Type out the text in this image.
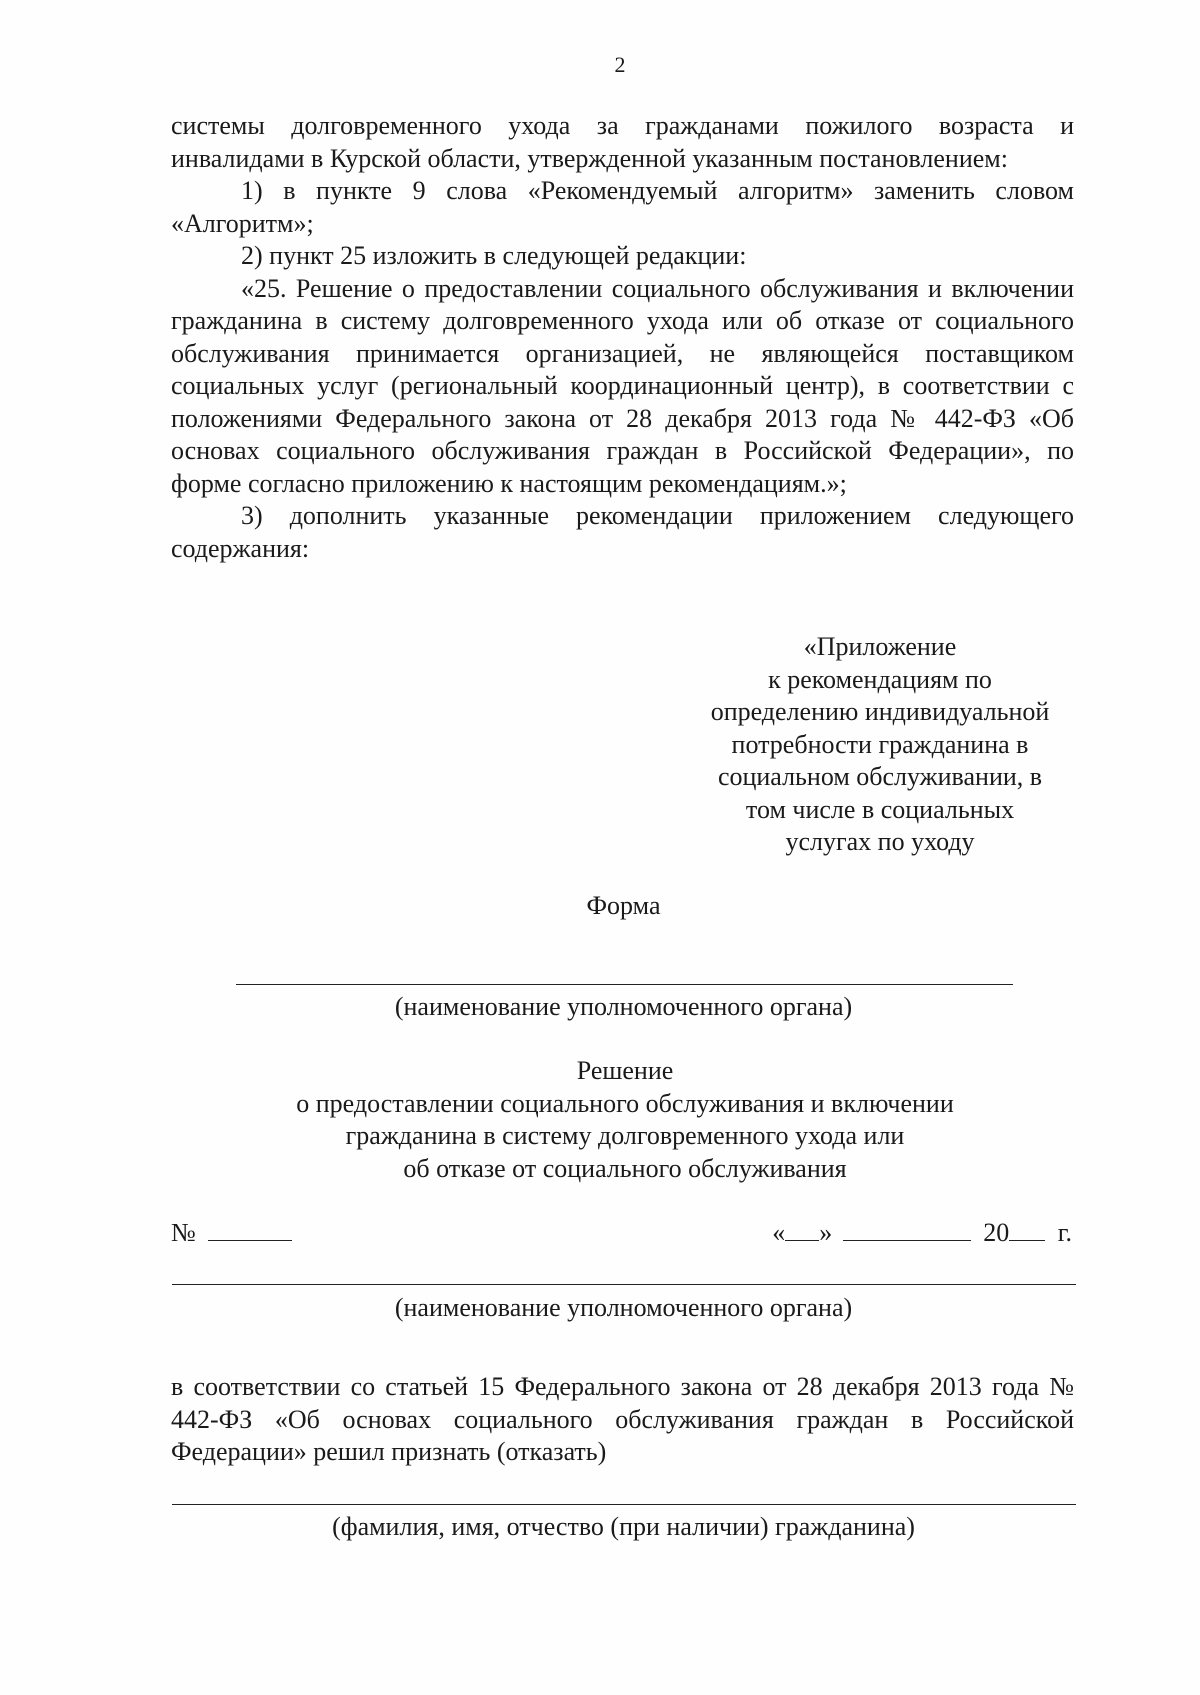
2

системы долговременного ухода за гражданами пожилого возраста и инвалидами в Курской области, утвержденной указанным постановлением:

1) в пункте 9 слова «Рекомендуемый алгоритм» заменить словом «Алгоритм»;

2) пункт 25 изложить в следующей редакции:

«25. Решение о предоставлении социального обслуживания и включении гражданина в систему долговременного ухода или об отказе от социального обслуживания принимается организацией, не являющейся поставщиком социальных услуг (региональный координационный центр), в соответствии с положениями Федерального закона от 28 декабря 2013 года № 442-ФЗ «Об основах социального обслуживания граждан в Российской Федерации», по форме согласно приложению к настоящим рекомендациям.»;

3) дополнить указанные рекомендации приложением следующего содержания:

«Приложение
к рекомендациям по
определению индивидуальной
потребности гражданина в
социальном обслуживании, в
том числе в социальных
услугах по уходу
Форма
(наименование уполномоченного органа)
Решение
о предоставлении социального обслуживания и включении
гражданина в систему долговременного ухода или
об отказе от социального обслуживания
№	« »	20 г.
(наименование уполномоченного органа)

в соответствии со статьей 15 Федерального закона от 28 декабря 2013 года № 442-ФЗ «Об основах социального обслуживания граждан в Российской Федерации» решил признать (отказать)

(фамилия, имя, отчество (при наличии) гражданина)
